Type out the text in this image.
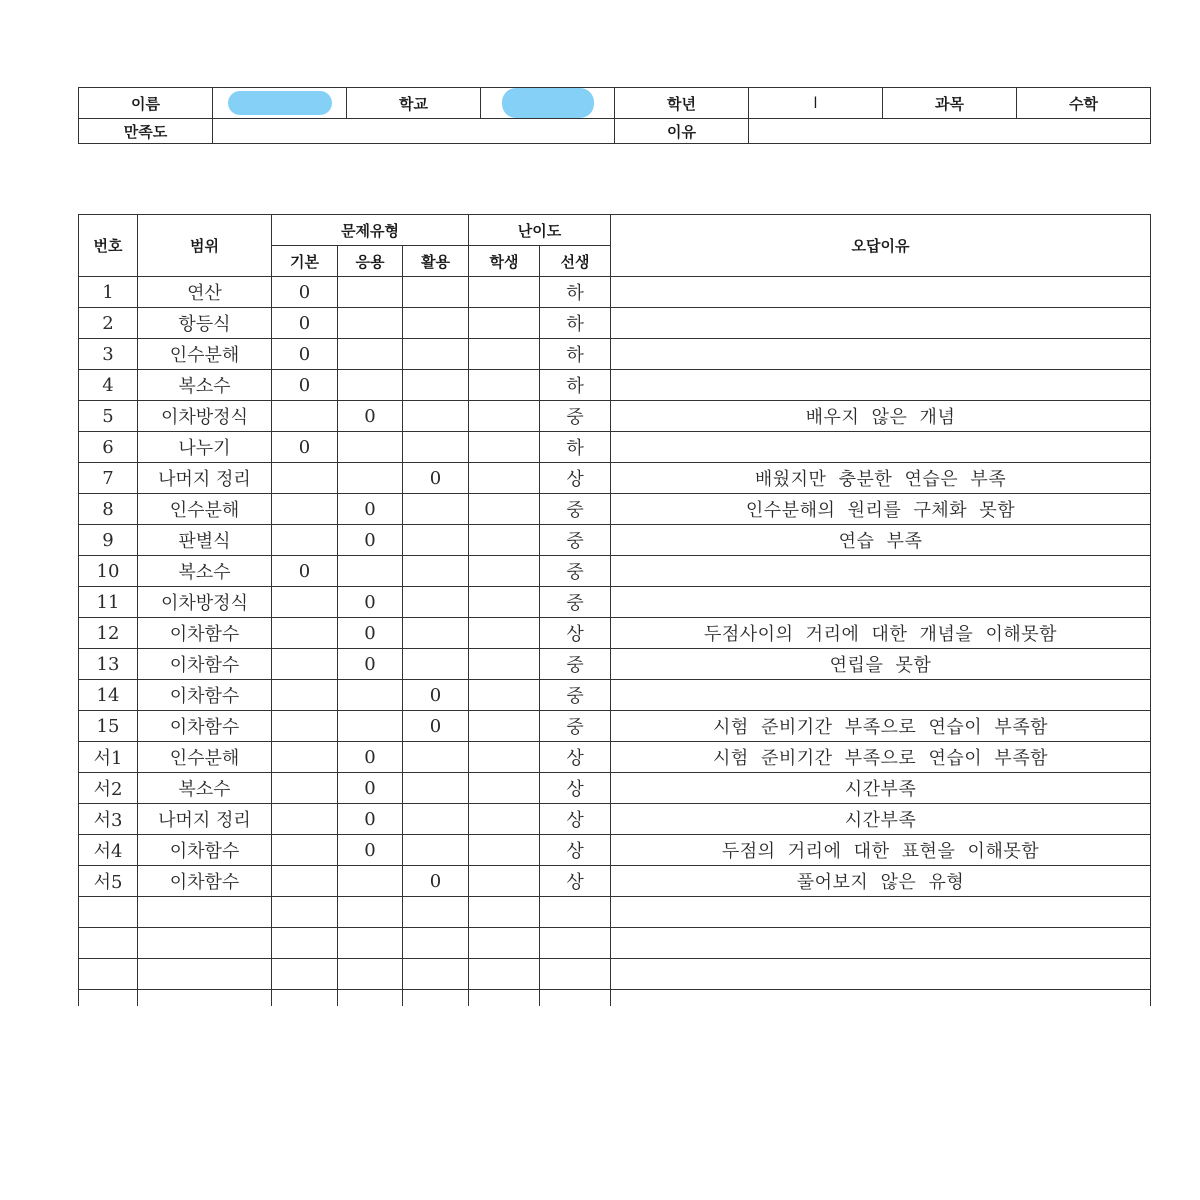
이름		학교		학년	l	과목	수학
만족도				이유			
번호	범위	문제유형			난이도		오답이유
		기본	응용	활용	학생	선생	
1	연산	0				하	
2	항등식	0				하	
3	인수분해	0				하	
4	복소수	0				하	
5	이차방정식		0			중	배우지 않은 개념
6	나누기	0				하	
7	나머지 정리			0		상	배웠지만 충분한 연습은 부족
8	인수분해		0			중	인수분해의 원리를 구체화 못함
9	판별식		0			중	연습 부족
10	복소수	0				중	
11	이차방정식		0			중	
12	이차함수		0			상	두점사이의 거리에 대한 개념을 이해못함
13	이차함수		0			중	연립을 못함
14	이차함수			0		중	
15	이차함수			0		중	시험 준비기간 부족으로 연습이 부족함
서1	인수분해		0			상	시험 준비기간 부족으로 연습이 부족함
서2	복소수		0			상	시간부족
서3	나머지 정리		0			상	시간부족
서4	이차함수		0			상	두점의 거리에 대한 표현을 이해못함
서5	이차함수			0		상	풀어보지 않은 유형
